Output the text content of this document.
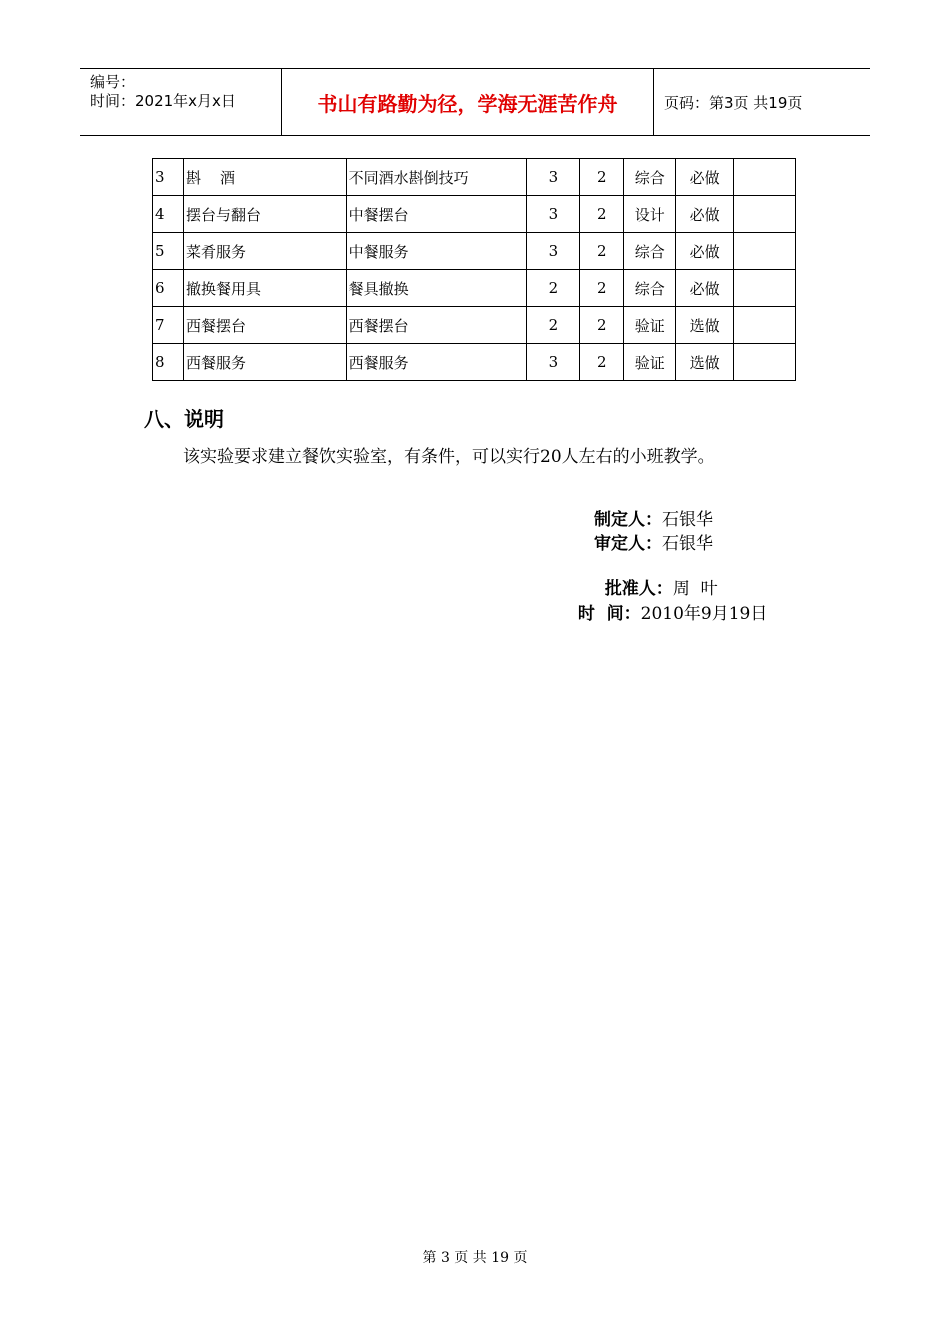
编号：
时间：2021年x月x日	书山有路勤为径，学海无涯苦作舟	页码：第3页 共19页
3	斟    酒	不同酒水斟倒技巧	3	2	综合	必做	
4	摆台与翻台	中餐摆台	3	2	设计	必做	
5	菜肴服务	中餐服务	3	2	综合	必做	
6	撤换餐用具	餐具撤换	2	2	综合	必做	
7	西餐摆台	西餐摆台	2	2	验证	选做	
8	西餐服务	西餐服务	3	2	验证	选做	
八、说明
该实验要求建立餐饮实验室，有条件，可以实行20人左右的小班教学。
制定人：石银华
审定人：石银华

批准人：周  叶

时  间：2010年9月19日

第 3 页 共 19 页
